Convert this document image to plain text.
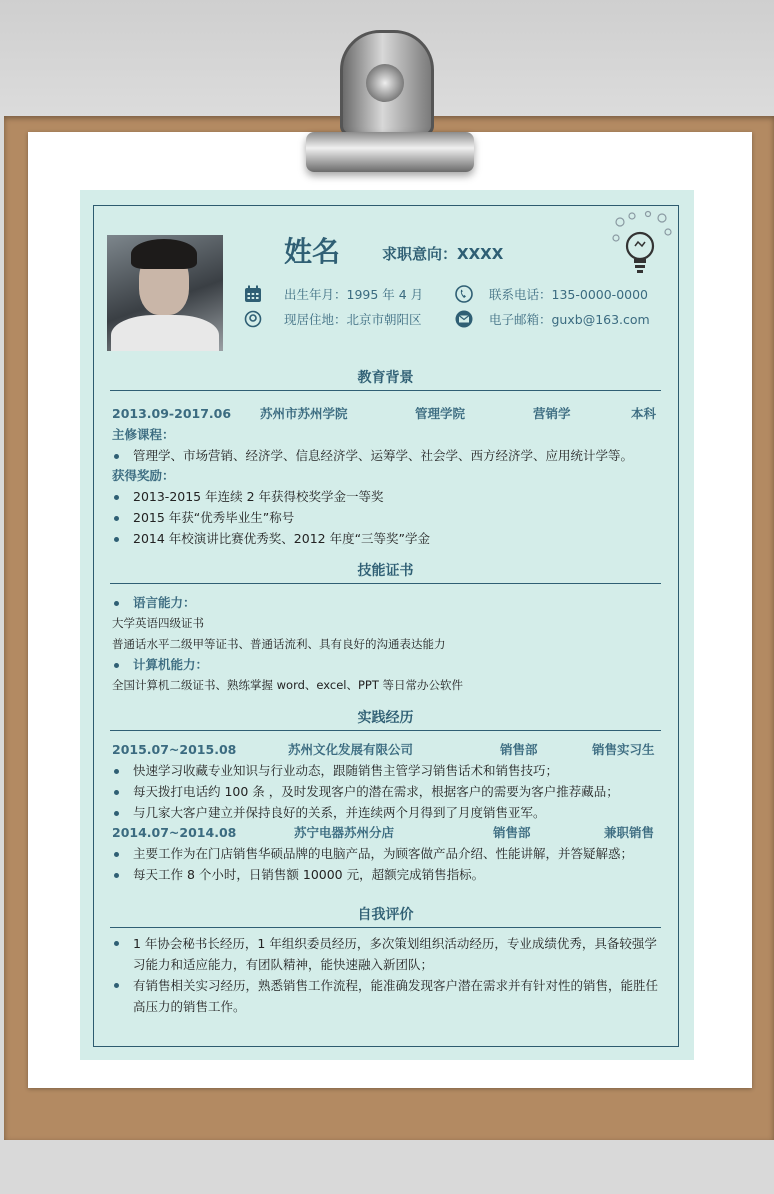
姓名	求职意向：XXXX
出生年月：1995 年 4 月	联系电话：135-0000-0000
现居住地：北京市朝阳区	电子邮箱：guxb@163.com
教育背景
2013.09-2017.06 苏州市苏州学院	管理学院	营销学	本科
主修课程：
管理学、市场营销、经济学、信息经济学、运筹学、社会学、西方经济学、应用统计学等。
获得奖励：
2013-2015 年连续 2 年获得校奖学金一等奖
2015 年获“优秀毕业生”称号
2014 年校演讲比赛优秀奖、2012 年度“三等奖”学金
技能证书
语言能力：
大学英语四级证书
普通话水平二级甲等证书、普通话流利、具有良好的沟通表达能力
计算机能力：
全国计算机二级证书、熟练掌握 word、excel、PPT 等日常办公软件
实践经历
2015.07~2015.08	苏州文化发展有限公司	销售部	销售实习生
快速学习收藏专业知识与行业动态，跟随销售主管学习销售话术和销售技巧；
每天拨打电话约 100 条 ，及时发现客户的潜在需求，根据客户的需要为客户推荐藏品；
与几家大客户建立并保持良好的关系，并连续两个月得到了月度销售亚军。
2014.07~2014.08	苏宁电器苏州分店	销售部	兼职销售
主要工作为在门店销售华硕品牌的电脑产品，为顾客做产品介绍、性能讲解，并答疑解惑；
每天工作 8 个小时，日销售额 10000 元，超额完成销售指标。
自我评价
1 年协会秘书长经历，1 年组织委员经历，多次策划组织活动经历，专业成绩优秀，具备较强学习能力和适应能力，有团队精神，能快速融入新团队；
有销售相关实习经历，熟悉销售工作流程，能准确发现客户潜在需求并有针对性的销售，能胜任高压力的销售工作。
